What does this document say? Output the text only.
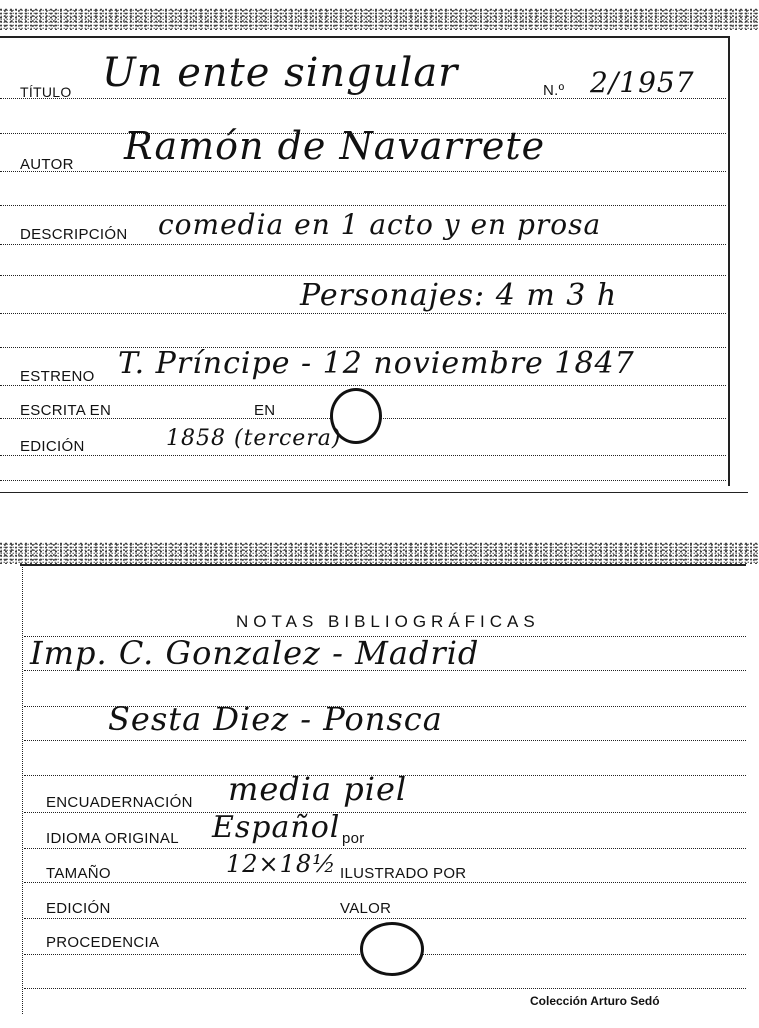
TÍTULO Un ente singular	N.º 2/1957
AUTOR Ramón de Navarrete
DESCRIPCIÓN comedia en 1 acto y en prosa
Personajes: 4 m 3 h
ESTRENO T. Príncipe - 12 noviembre 1847
ESCRITA EN	EN
EDICIÓN	1858 (tercera)
NOTAS BIBLIOGRÁFICAS
Imp. C. Gonzalez - Madrid
Sesta Diez - Ponsca
ENCUADERNACIÓN media piel
IDIOMA ORIGINAL Español por
TAMAÑO	12×18½ ILUSTRADO POR
EDICIÓN	VALOR
PROCEDENCIA
Colección Arturo Sedó
